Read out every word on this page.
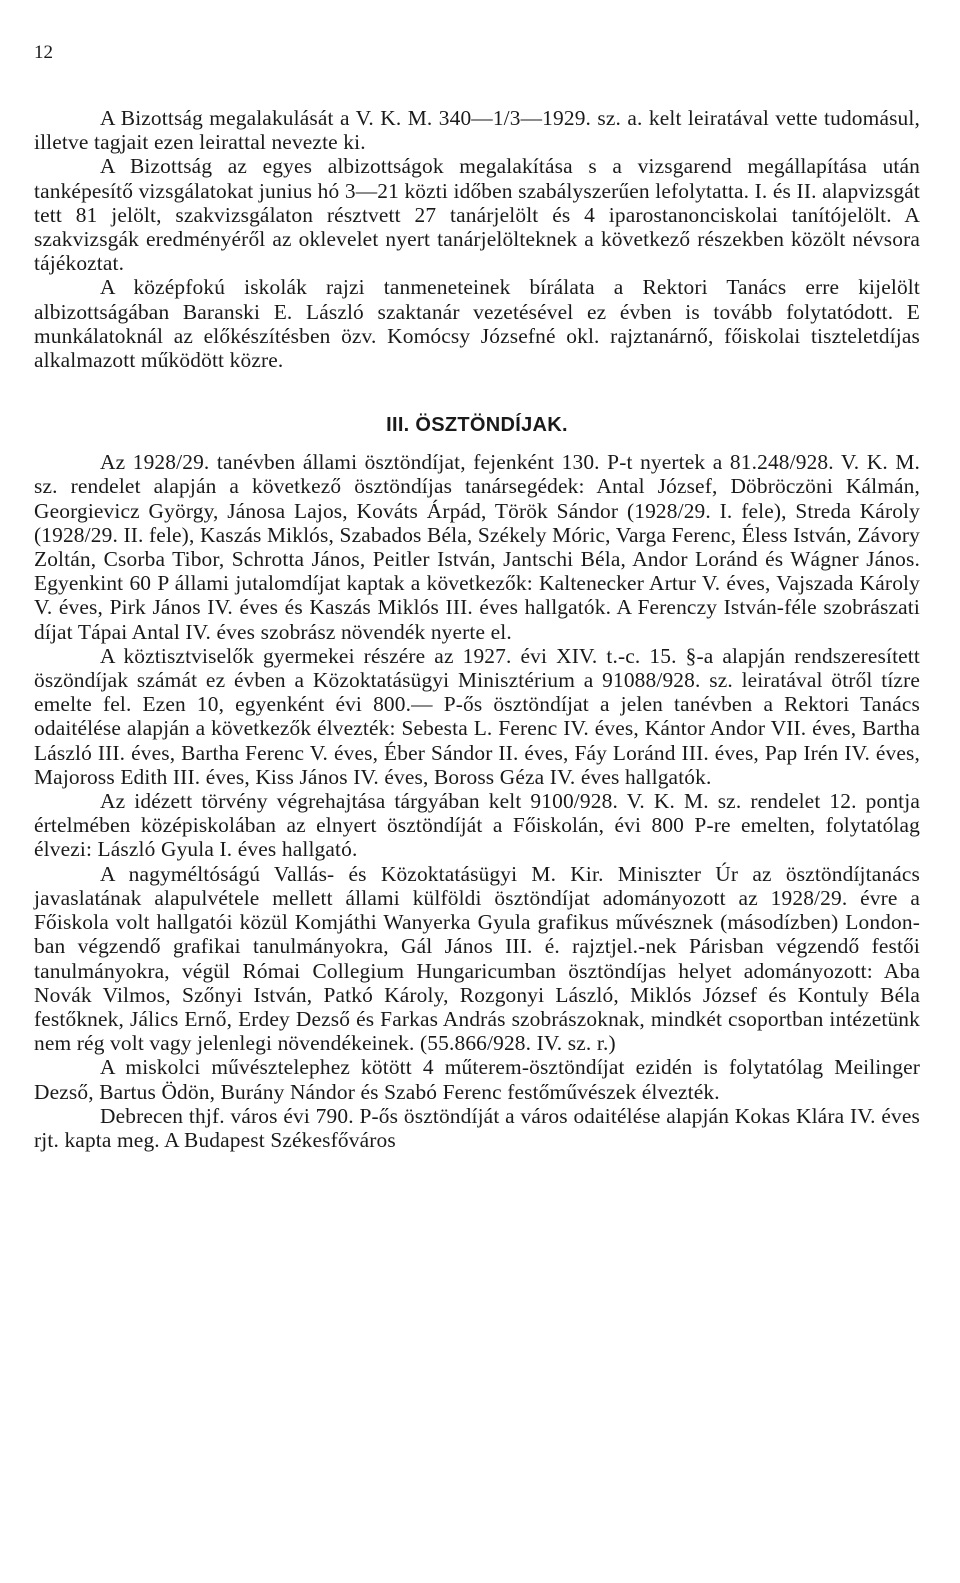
12

A Bizottság megalakulását a V. K. M. 340—1/3—1929. sz. a. kelt leiratával vette tudomásul, illetve tagjait ezen leirattal nevezte ki.

A Bizottság az egyes albizottságok megalakítása s a vizsgarend megállapítása után tanképesítő vizsgálatokat junius hó 3—21 közti időben szabályszerűen lefolytatta. I. és II. alapvizsgát tett 81 jelölt, szakvizsgálaton résztvett 27 tanárjelölt és 4 iparostanonciskolai tanítójelölt. A szakvizsgák eredményéről az oklevelet nyert tanárjelölteknek a következő részekben közölt névsora tájékoztat.

A középfokú iskolák rajzi tanmeneteinek bírálata a Rektori Tanács erre kijelölt albizottságában Baranski E. László szaktanár vezetésével ez évben is tovább folytatódott. E munkálatoknál az előkészítésben özv. Komócsy Józsefné okl. rajztanárnő, főiskolai tiszteletdíjas alkalmazott működött közre.

III. ÖSZTÖNDÍJAK.

Az 1928/29. tanévben állami ösztöndíjat, fejenként 130. P-t nyertek a 81.248/928. V. K. M. sz. rendelet alapján a következő ösztöndíjas tanársegédek: Antal József, Döbröczöni Kálmán, Georgievicz György, Jánosa Lajos, Kováts Árpád, Török Sándor (1928/29. I. fele), Streda Károly (1928/29. II. fele), Kaszás Miklós, Szabados Béla, Székely Móric, Varga Ferenc, Éless István, Závory Zoltán, Csorba Tibor, Schrotta János, Peitler István, Jantschi Béla, Andor Loránd és Wágner János. Egyenkint 60 P állami jutalomdíjat kaptak a következők: Kaltenecker Artur V. éves, Vajszada Károly V. éves, Pirk János IV. éves és Kaszás Miklós III. éves hallgatók. A Ferenczy István-féle szobrászati díjat Tápai Antal IV. éves szobrász növendék nyerte el.

A köztisztviselők gyermekei részére az 1927. évi XIV. t.-c. 15. §-a alapján rendszeresített öszöndíjak számát ez évben a Közoktatásügyi Minisztérium a 91088/928. sz. leiratával ötről tízre emelte fel. Ezen 10, egyenként évi 800.— P-ős ösztöndíjat a jelen tanévben a Rektori Tanács odaitélése alapján a következők élvezték: Sebesta L. Ferenc IV. éves, Kántor Andor VII. éves, Bartha László III. éves, Bartha Ferenc V. éves, Éber Sándor II. éves, Fáy Loránd III. éves, Pap Irén IV. éves, Majoross Edith III. éves, Kiss János IV. éves, Boross Géza IV. éves hallgatók.

Az idézett törvény végrehajtása tárgyában kelt 9100/928. V. K. M. sz. rendelet 12. pontja értelmében középiskolában az elnyert ösztöndíját a Főiskolán, évi 800 P-re emelten, folytatólag élvezi: László Gyula I. éves hallgató.

A nagyméltóságú Vallás- és Közoktatásügyi M. Kir. Miniszter Úr az ösztöndíjtanács javaslatának alapulvétele mellett állami külföldi ösztöndíjat adományozott az 1928/29. évre a Főiskola volt hallgatói közül Komjáthi Wanyerka Gyula grafikus művésznek (másodízben) London-ban végzendő grafikai tanulmányokra, Gál János III. é. rajztjel.-nek Párisban végzendő festői tanulmányokra, végül Római Collegium Hungaricumban ösztöndíjas helyet adományozott: Aba Novák Vilmos, Szőnyi István, Patkó Károly, Rozgonyi László, Miklós József és Kontuly Béla festőknek, Jálics Ernő, Erdey Dezső és Farkas András szobrászoknak, mindkét csoportban intézetünk nem rég volt vagy jelenlegi növendékeinek. (55.866/928. IV. sz. r.)

A miskolci művésztelephez kötött 4 műterem-ösztöndíjat ezidén is folytatólag Meilinger Dezső, Bartus Ödön, Burány Nándor és Szabó Ferenc festőművészek élvezték.

Debrecen thjf. város évi 790. P-ős ösztöndíját a város odaitélése alapján Kokas Klára IV. éves rjt. kapta meg. A Budapest Székesfőváros
